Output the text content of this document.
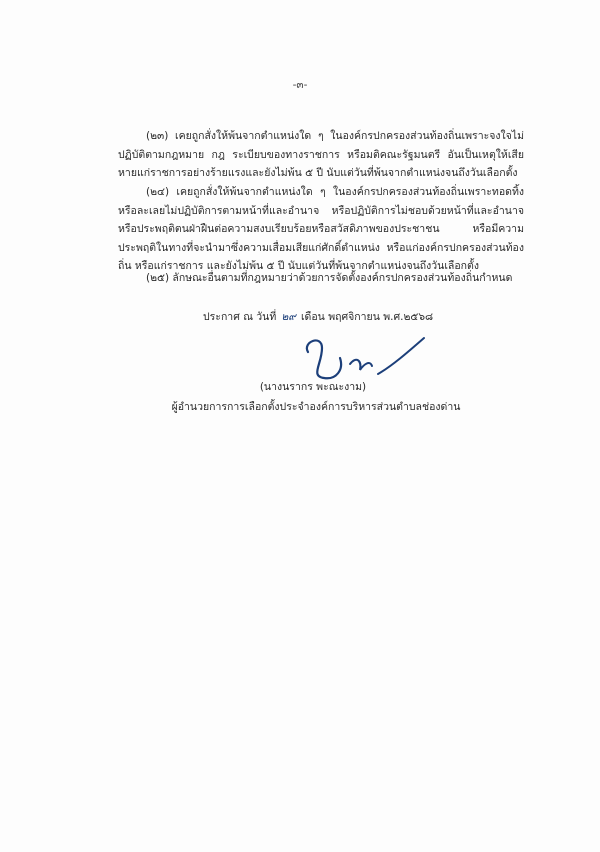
-๓-

(๒๓) เคยถูกสั่งให้พ้นจากตำแหน่งใด ๆ ในองค์กรปกครองส่วนท้องถิ่นเพราะจงใจไม่ปฏิบัติตามกฎหมาย กฎ ระเบียบของทางราชการ หรือมติคณะรัฐมนตรี อันเป็นเหตุให้เสียหายแก่ราชการอย่างร้ายแรงและยังไม่พ้น ๕ ปี นับแต่วันที่พ้นจากตำแหน่งจนถึงวันเลือกตั้ง

(๒๔) เคยถูกสั่งให้พ้นจากตำแหน่งใด ๆ ในองค์กรปกครองส่วนท้องถิ่นเพราะทอดทิ้งหรือละเลยไม่ปฏิบัติการตามหน้าที่และอำนาจ หรือปฏิบัติการไม่ชอบด้วยหน้าที่และอำนาจ หรือประพฤติตนฝ่าฝืนต่อความสงบเรียบร้อยหรือสวัสดิภาพของประชาชน หรือมีความประพฤติในทางที่จะนำมาซึ่งความเสื่อมเสียแก่ศักดิ์ตำแหน่ง หรือแก่องค์กรปกครองส่วนท้องถิ่น หรือแก่ราชการ และยังไม่พ้น ๕ ปี นับแต่วันที่พ้นจากตำแหน่งจนถึงวันเลือกตั้ง

(๒๕) ลักษณะอื่นตามที่กฎหมายว่าด้วยการจัดตั้งองค์กรปกครองส่วนท้องถิ่นกำหนด

ประกาศ ณ วันที่ ๒๙ เดือน พฤศจิกายน พ.ศ.๒๕๖๘
(นางนรากร พะณะงาม)
ผู้อำนวยการการเลือกตั้งประจำองค์การบริหารส่วนตำบลช่องด่าน
